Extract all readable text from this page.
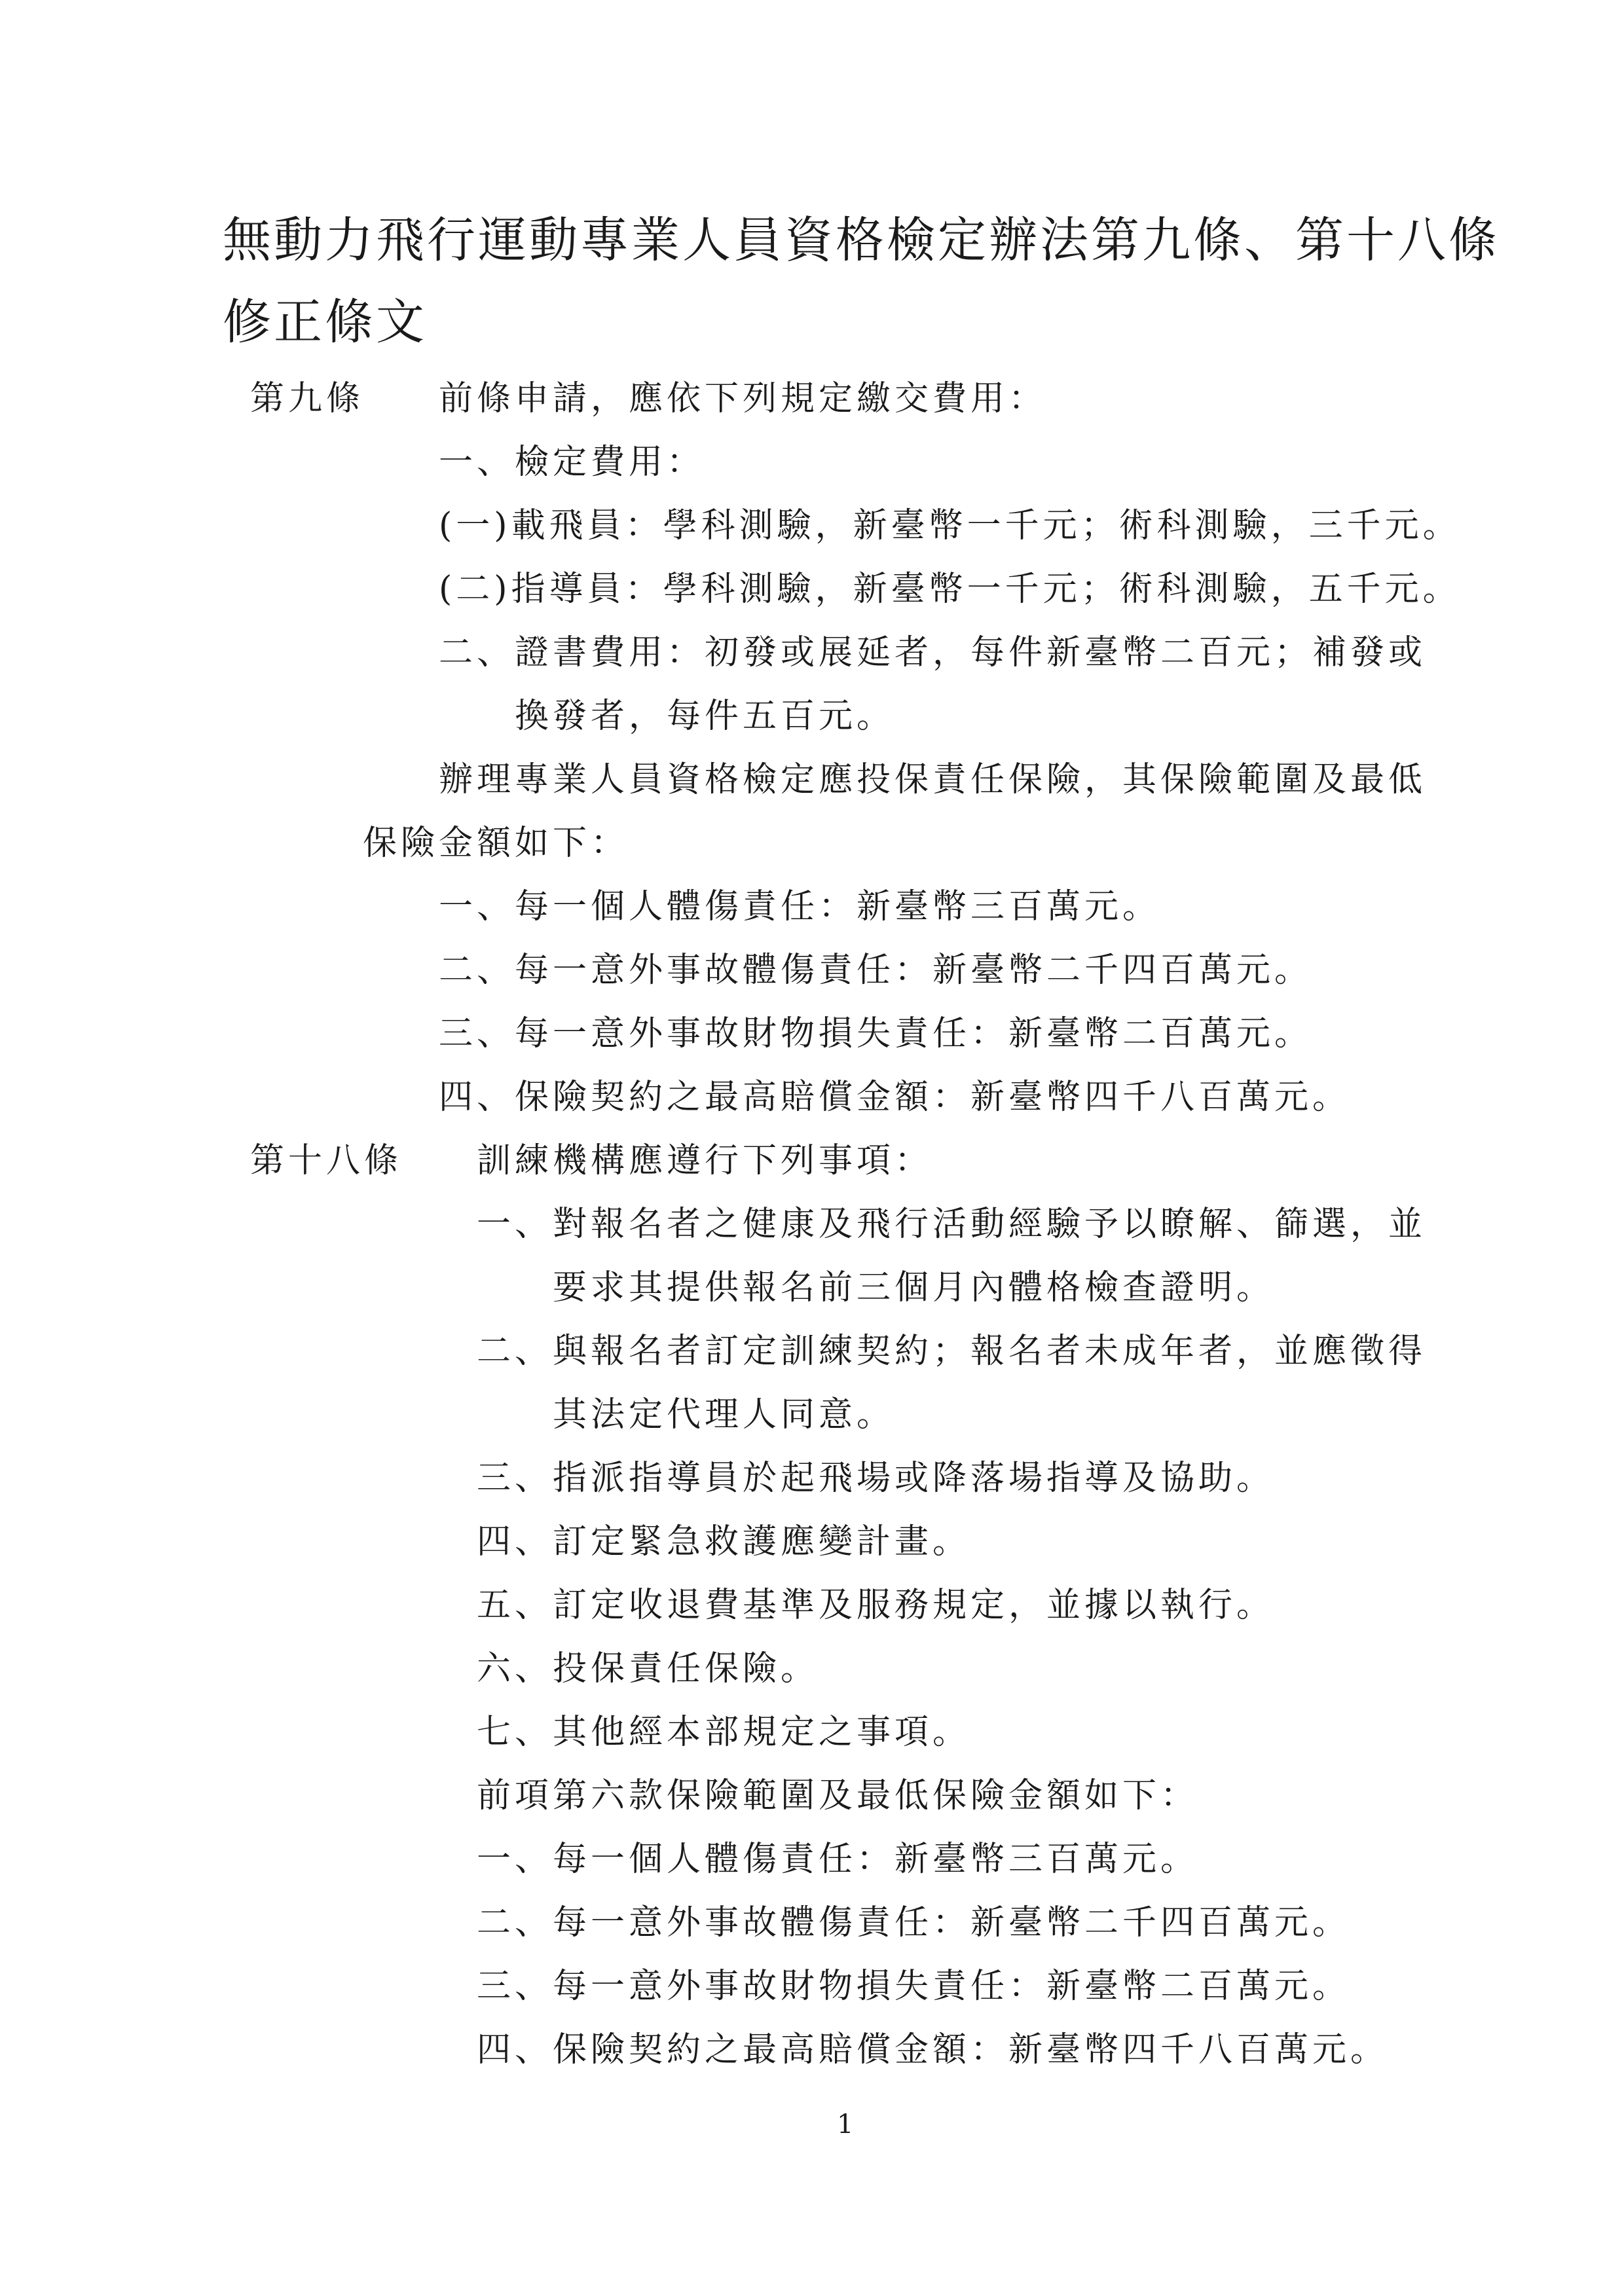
無動力飛行運動專業人員資格檢定辦法第九條、第十八條
修正條文
第九條 前條申請，應依下列規定繳交費用：
一、檢定費用：
(一)載飛員：學科測驗，新臺幣一千元；術科測驗，三千元。
(二)指導員：學科測驗，新臺幣一千元；術科測驗，五千元。
二、證書費用：初發或展延者，每件新臺幣二百元；補發或
換發者，每件五百元。
辦理專業人員資格檢定應投保責任保險，其保險範圍及最低
保險金額如下：
一、每一個人體傷責任：新臺幣三百萬元。
二、每一意外事故體傷責任：新臺幣二千四百萬元。
三、每一意外事故財物損失責任：新臺幣二百萬元。
四、保險契約之最高賠償金額：新臺幣四千八百萬元。
第十八條 訓練機構應遵行下列事項：
一、對報名者之健康及飛行活動經驗予以瞭解、篩選，並
要求其提供報名前三個月內體格檢查證明。
二、與報名者訂定訓練契約；報名者未成年者，並應徵得
其法定代理人同意。
三、指派指導員於起飛場或降落場指導及協助。
四、訂定緊急救護應變計畫。
五、訂定收退費基準及服務規定，並據以執行。
六、投保責任保險。
七、其他經本部規定之事項。
前項第六款保險範圍及最低保險金額如下：
一、每一個人體傷責任：新臺幣三百萬元。
二、每一意外事故體傷責任：新臺幣二千四百萬元。
三、每一意外事故財物損失責任：新臺幣二百萬元。
四、保險契約之最高賠償金額：新臺幣四千八百萬元。
1
